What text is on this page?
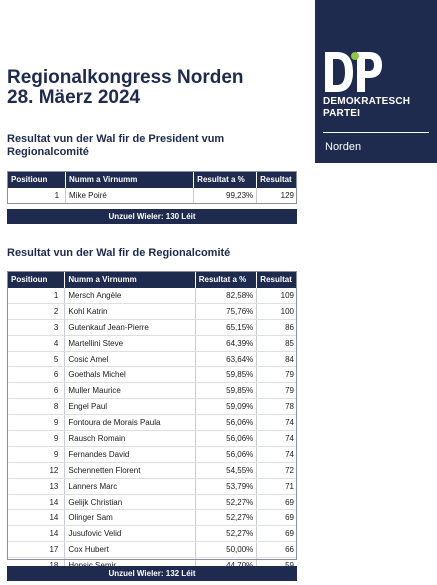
DEMOKRATESCH
PARTEI
Norden
Regionalkongress Norden
28. Mäerz 2024
Resultat vun der Wal fir de President vum Regionalcomité
Positioun	Numm a Virnumm	Resultat a %	Resultat
1	Mike Poiré	99,23%	129
Unzuel Wieler: 130 Léit
Resultat vun der Wal fir de Regionalcomité
Positioun	Numm a Virnumm	Resultat a %	Resultat
1	Mersch Angèle	82,58%	109
2	Kohl Katrin	75,76%	100
3	Gutenkauf Jean-Pierre	65,15%	86
4	Martellini Steve	64,39%	85
5	Cosic Amel	63,64%	84
6	Goethals Michel	59,85%	79
6	Muller Maurice	59,85%	79
8	Engel Paul	59,09%	78
9	Fontoura de Morais Paula	56,06%	74
9	Rausch Romain	56,06%	74
9	Fernandes David	56,06%	74
12	Schennetten Florent	54,55%	72
13	Lanners Marc	53,79%	71
14	Gelijk Christian	52,27%	69
14	Olinger Sam	52,27%	69
14	Jusufovic Velid	52,27%	69
17	Cox Hubert	50,00%	66

Unzuel Wieler: 132 Léit
